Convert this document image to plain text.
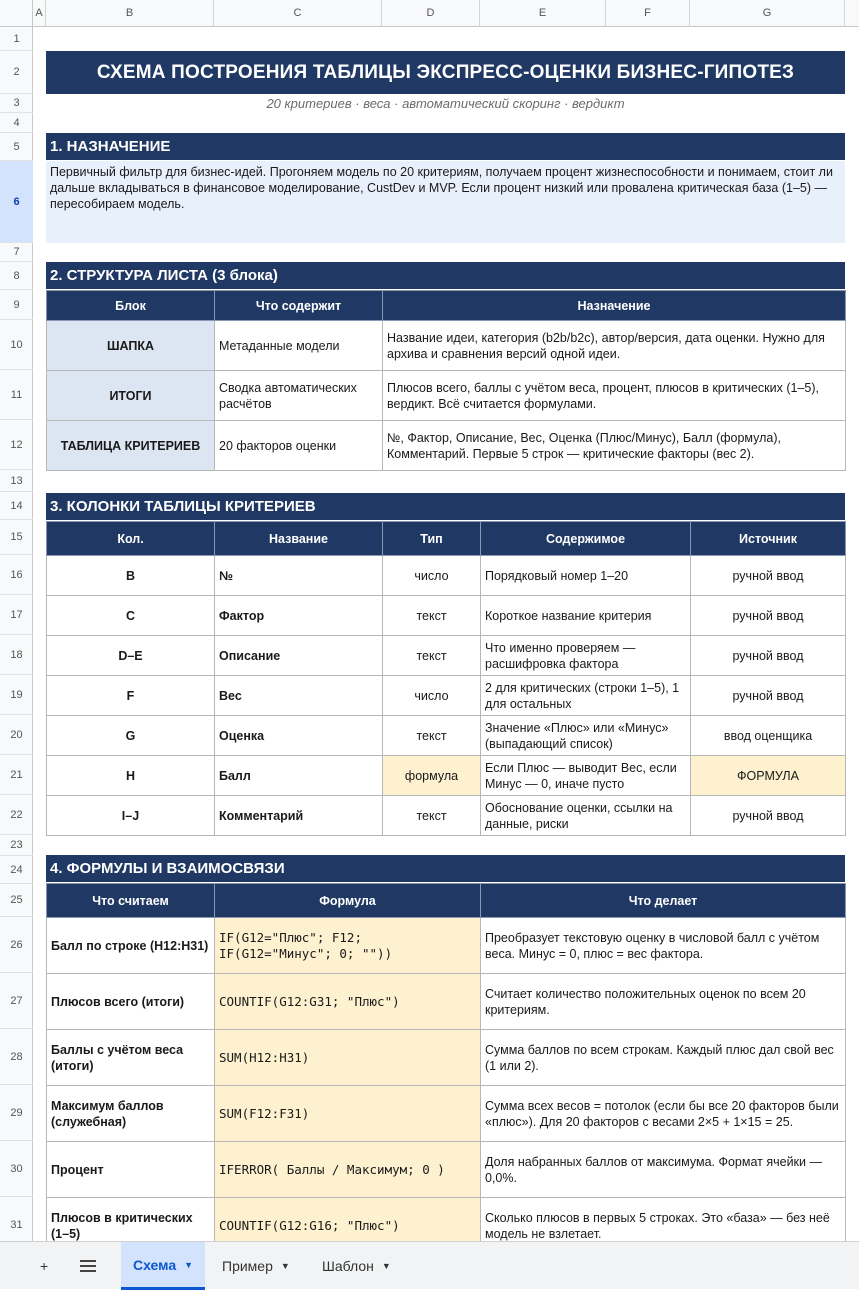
A	B	C	D	E	F	G
1
2
3
4
5
6
7
8
9
10
11
12
13
14
15
16
17
18
19
20
21
22
23
24
25
26
27
28
29
30
31
СХЕМА ПОСТРОЕНИЯ ТАБЛИЦЫ ЭКСПРЕСС-ОЦЕНКИ БИЗНЕС-ГИПОТЕЗ
20 критериев · веса · автоматический скоринг · вердикт
1. НАЗНАЧЕНИЕ
Первичный фильтр для бизнес-идей. Прогоняем модель по 20 критериям, получаем процент жизнеспособности и понимаем, стоит ли дальше вкладываться в финансовое моделирование, CustDev и MVP. Если процент низкий или провалена критическая база (1–5) — пересобираем модель.
2. СТРУКТУРА ЛИСТА (3 блока)
Блок	Что содержит	Назначение
ШАПКА	Метаданные модели	Название идеи, категория (b2b/b2c), автор/версия, дата оценки. Нужно для архива и сравнения версий одной идеи.
ИТОГИ	Сводка автоматических расчётов	Плюсов всего, баллы с учётом веса, процент, плюсов в критических (1–5), вердикт. Всё считается формулами.
ТАБЛИЦА КРИТЕРИЕВ	20 факторов оценки	№, Фактор, Описание, Вес, Оценка (Плюс/Минус), Балл (формула), Комментарий. Первые 5 строк — критические факторы (вес 2).
3. КОЛОНКИ ТАБЛИЦЫ КРИТЕРИЕВ
Кол.	Название	Тип	Содержимое	Источник
B	№	число	Порядковый номер 1–20	ручной ввод
C	Фактор	текст	Короткое название критерия	ручной ввод
D–E	Описание	текст	Что именно проверяем — расшифровка фактора	ручной ввод
F	Вес	число	2 для критических (строки 1–5), 1 для остальных	ручной ввод
G	Оценка	текст	Значение «Плюс» или «Минус» (выпадающий список)	ввод оценщика
H	Балл	формула	Если Плюс — выводит Вес, если Минус — 0, иначе пусто	ФОРМУЛА
I–J	Комментарий	текст	Обоснование оценки, ссылки на данные, риски	ручной ввод
4. ФОРМУЛЫ И ВЗАИМОСВЯЗИ
Что считаем	Формула	Что делает
Балл по строке (H12:H31)	IF(G12="Плюс"; F12; IF(G12="Минус"; 0; ""))	Преобразует текстовую оценку в числовой балл с учётом веса. Минус = 0, плюс = вес фактора.
Плюсов всего (итоги)	COUNTIF(G12:G31; "Плюс")	Считает количество положительных оценок по всем 20 критериям.
Баллы с учётом веса (итоги)	SUM(H12:H31)	Сумма баллов по всем строкам. Каждый плюс дал свой вес (1 или 2).
Максимум баллов (служебная)	SUM(F12:F31)	Сумма всех весов = потолок (если бы все 20 факторов были «плюс»). Для 20 факторов с весами 2×5 + 1×15 = 25.
Процент	IFERROR( Баллы / Максимум; 0 )	Доля набранных баллов от максимума. Формат ячейки — 0,0%.
Плюсов в критических (1–5)	COUNTIF(G12:G16; "Плюс")	Сколько плюсов в первых 5 строках. Это «база» — без неё модель не взлетает.
+	Схема ▼ Пример ▼ Шаблон ▼
